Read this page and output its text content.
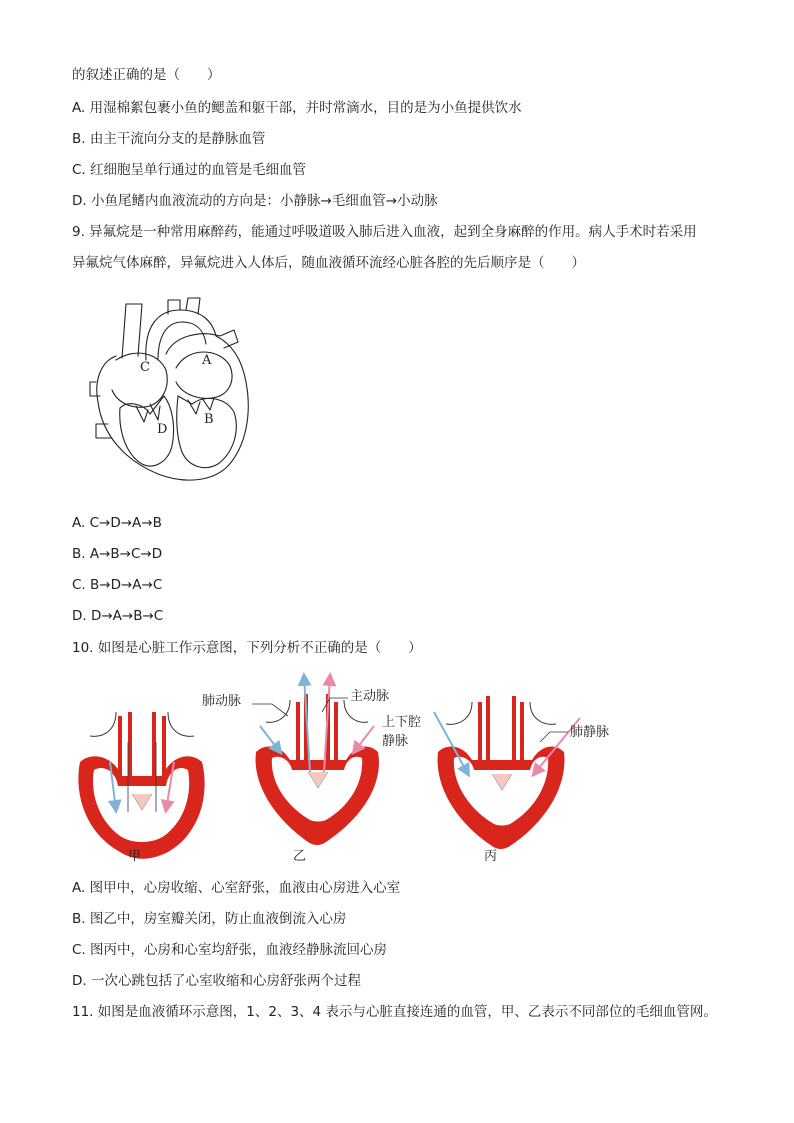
的叙述正确的是（　　）
A. 用湿棉絮包裹小鱼的鳃盖和躯干部，并时常滴水，目的是为小鱼提供饮水
B. 由主干流向分支的是静脉血管
C. 红细胞呈单行通过的血管是毛细血管
D. 小鱼尾鳍内血液流动的方向是：小静脉→毛细血管→小动脉
9. 异氟烷是一种常用麻醉药，能通过呼吸道吸入肺后进入血液，起到全身麻醉的作用。病人手术时若采用
异氟烷气体麻醉，异氟烷进入人体后，随血液循环流经心脏各腔的先后顺序是（　　）
C	A
D
B
A. C→D→A→B
B. A→B→C→D
C. B→D→A→C
D. D→A→B→C
10. 如图是心脏工作示意图，下列分析不正确的是（　　）
肺动脉	主动脉
上下腔
静脉
肺静脉
甲	乙	丙
A. 图甲中，心房收缩、心室舒张，血液由心房进入心室
B. 图乙中，房室瓣关闭，防止血液倒流入心房
C. 图丙中，心房和心室均舒张，血液经静脉流回心房
D. 一次心跳包括了心室收缩和心房舒张两个过程
11. 如图是血液循环示意图，1、2、3、4 表示与心脏直接连通的血管，甲、乙表示不同部位的毛细血管网。
